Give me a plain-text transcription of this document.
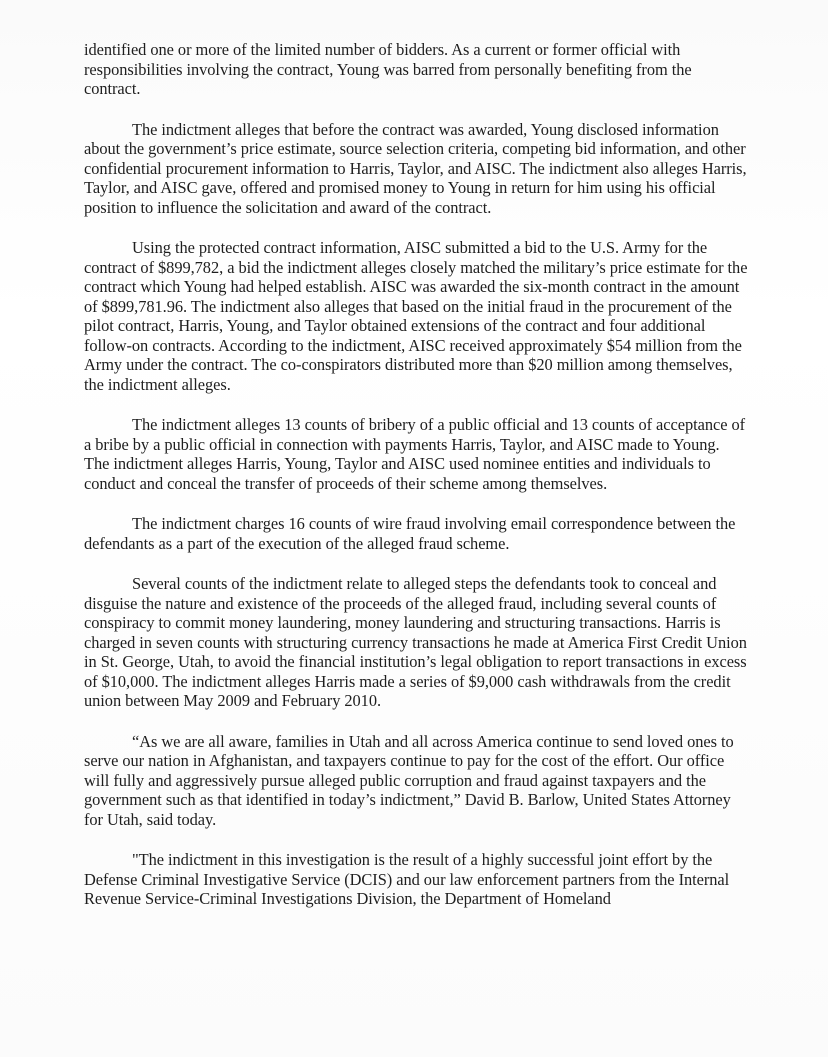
identified one or more of the limited number of bidders. As a current or former official with responsibilities involving the contract, Young was barred from personally benefiting from the contract.

The indictment alleges that before the contract was awarded, Young disclosed information about the government’s price estimate, source selection criteria, competing bid information, and other confidential procurement information to Harris, Taylor, and AISC. The indictment also alleges Harris, Taylor, and AISC gave, offered and promised money to Young in return for him using his official position to influence the solicitation and award of the contract.

Using the protected contract information, AISC submitted a bid to the U.S. Army for the contract of $899,782, a bid the indictment alleges closely matched the military’s price estimate for the contract which Young had helped establish. AISC was awarded the six-month contract in the amount of $899,781.96. The indictment also alleges that based on the initial fraud in the procurement of the pilot contract, Harris, Young, and Taylor obtained extensions of the contract and four additional follow-on contracts. According to the indictment, AISC received approximately $54 million from the Army under the contract. The co-conspirators distributed more than $20 million among themselves, the indictment alleges.

The indictment alleges 13 counts of bribery of a public official and 13 counts of acceptance of a bribe by a public official in connection with payments Harris, Taylor, and AISC made to Young. The indictment alleges Harris, Young, Taylor and AISC used nominee entities and individuals to conduct and conceal the transfer of proceeds of their scheme among themselves.

The indictment charges 16 counts of wire fraud involving email correspondence between the defendants as a part of the execution of the alleged fraud scheme.

Several counts of the indictment relate to alleged steps the defendants took to conceal and disguise the nature and existence of the proceeds of the alleged fraud, including several counts of conspiracy to commit money laundering, money laundering and structuring transactions. Harris is charged in seven counts with structuring currency transactions he made at America First Credit Union in St. George, Utah, to avoid the financial institution’s legal obligation to report transactions in excess of $10,000. The indictment alleges Harris made a series of $9,000 cash withdrawals from the credit union between May 2009 and February 2010.

“As we are all aware, families in Utah and all across America continue to send loved ones to serve our nation in Afghanistan, and taxpayers continue to pay for the cost of the effort. Our office will fully and aggressively pursue alleged public corruption and fraud against taxpayers and the government such as that identified in today’s indictment,” David B. Barlow, United States Attorney for Utah, said today.

"The indictment in this investigation is the result of a highly successful joint effort by the Defense Criminal Investigative Service (DCIS) and our law enforcement partners from the Internal Revenue Service-Criminal Investigations Division, the Department of Homeland
